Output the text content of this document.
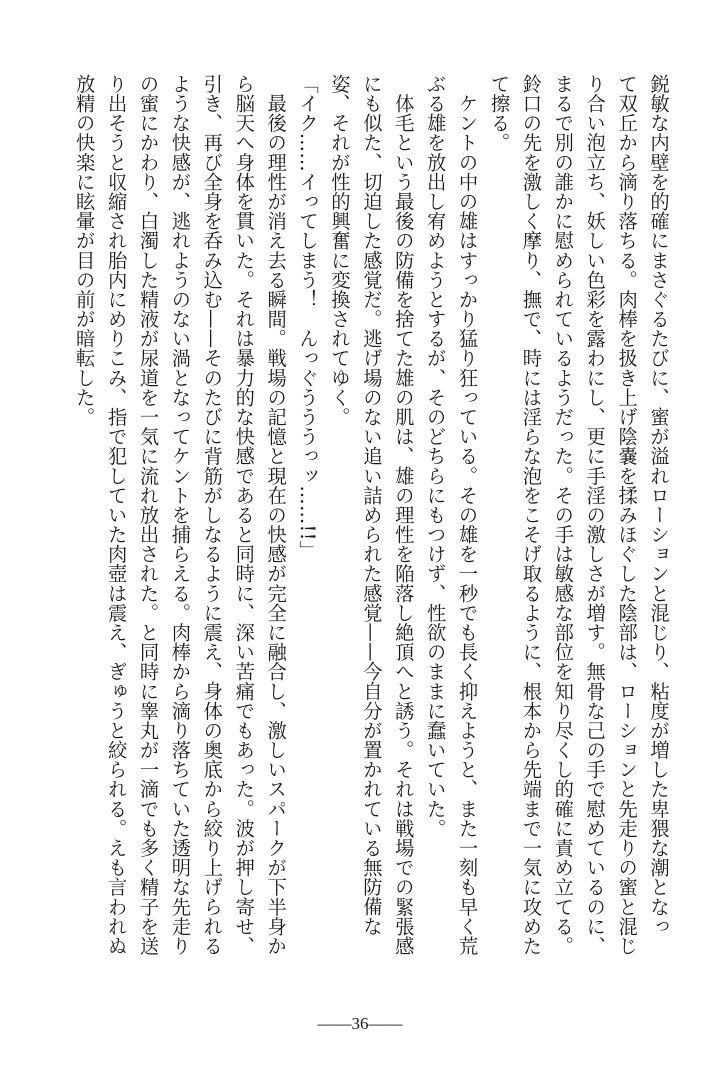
鋭敏な内壁を的確にまさぐるたびに、蜜が溢れローションと混じり、粘度が増した卑猥な潮となっ
て双丘から滴り落ちる。肉棒を扱き上げ陰嚢を揉みほぐした陰部は、ローションと先走りの蜜と混じ
り合い泡立ち、妖しい色彩を露わにし、更に手淫の激しさが増す。無骨な己の手で慰めているのに、
まるで別の誰かに慰められているようだった。その手は敏感な部位を知り尽くし的確に責め立てる。
鈴口の先を激しく摩り、撫で、時には淫らな泡をこそげ取るように、根本から先端まで一気に攻めた
て擦る。
　ケントの中の雄はすっかり猛り狂っている。その雄を一秒でも長く抑えようと、また一刻も早く荒
ぶる雄を放出し宥めようとするが、そのどちらにもつけず、性欲のままに蠢いていた。
　体毛という最後の防備を捨てた雄の肌は、雄の理性を陥落し絶頂へと誘う。それは戦場での緊張感
にも似た、切迫した感覚だ。逃げ場のない追い詰められた感覚——今自分が置かれている無防備な
姿、それが性的興奮に変換されてゆく。
「イク……イってしまう！　んっぐうううっッ……!!」
　最後の理性が消え去る瞬間。戦場の記憶と現在の快感が完全に融合し、激しいスパークが下半身か
ら脳天へ身体を貫いた。それは暴力的な快感であると同時に、深い苦痛でもあった。波が押し寄せ、
引き、再び全身を呑み込む——そのたびに背筋がしなるように震え、身体の奥底から絞り上げられる
ような快感が、逃れようのない渦となってケントを捕らえる。肉棒から滴り落ちていた透明な先走り
の蜜にかわり、白濁した精液が尿道を一気に流れ放出された。と同時に睾丸が一滴でも多く精子を送
り出そうと収縮され胎内にめりこみ、指で犯していた肉壺は震え、ぎゅうと絞られる。えも言われぬ
放精の快楽に眩暈が目の前が暗転した。
——36——
